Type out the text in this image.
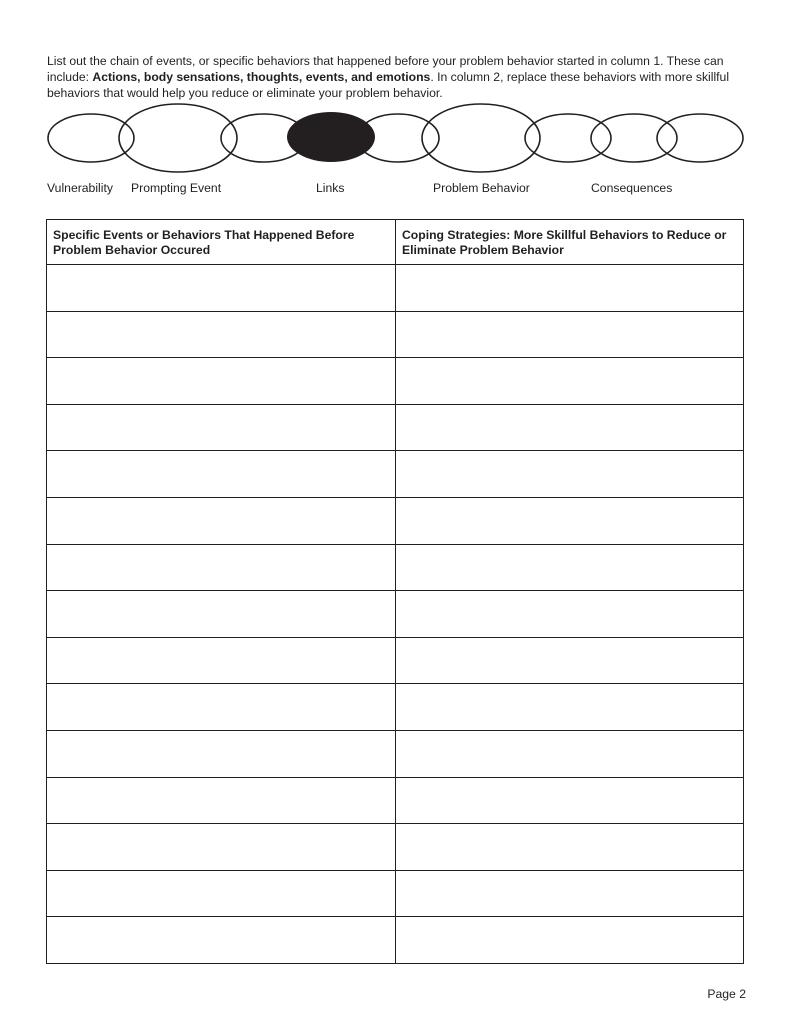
List out the chain of events, or specific behaviors that happened before your problem behavior started in column 1. These can include: Actions, body sensations, thoughts, events, and emotions. In column 2, replace these behaviors with more skillful behaviors that would help you reduce or eliminate your problem behavior.

Vulnerability Prompting Event	Links	Problem Behavior	Consequences
Specific Events or Behaviors That Happened Before Problem Behavior Occured	Coping Strategies: More Skillful Behaviors to Reduce or Eliminate Problem Behavior

Page 2
